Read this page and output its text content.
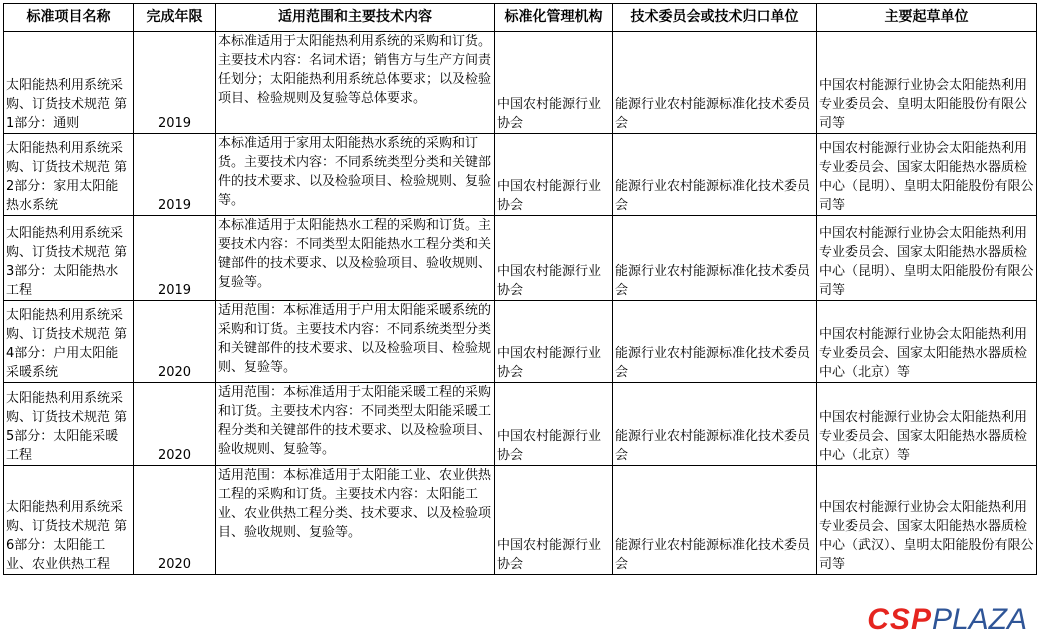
标准项目名称	完成年限	适用范围和主要技术内容	标准化管理机构	技术委员会或技术归口单位	主要起草单位
太阳能热利用系统采购、订货技术规范 第1部分：通则	2019	本标准适用于太阳能热利用系统的采购和订货。主要技术内容：名词术语；销售方与生产方间责任划分；太阳能热利用系统总体要求；以及检验项目、检验规则及复验等总体要求。	中国农村能源行业协会	能源行业农村能源标准化技术委员会	中国农村能源行业协会太阳能热利用专业委员会、皇明太阳能股份有限公司等
太阳能热利用系统采购、订货技术规范 第2部分：家用太阳能热水系统	2019	本标准适用于家用太阳能热水系统的采购和订货。主要技术内容：不同系统类型分类和关键部件的技术要求、以及检验项目、检验规则、复验等。	中国农村能源行业协会	能源行业农村能源标准化技术委员会	中国农村能源行业协会太阳能热利用专业委员会、国家太阳能热水器质检中心（昆明）、皇明太阳能股份有限公司等
太阳能热利用系统采购、订货技术规范 第3部分：太阳能热水工程	2019	本标准适用于太阳能热水工程的采购和订货。主要技术内容：不同类型太阳能热水工程分类和关键部件的技术要求、以及检验项目、验收规则、复验等。	中国农村能源行业协会	能源行业农村能源标准化技术委员会	中国农村能源行业协会太阳能热利用专业委员会、国家太阳能热水器质检中心（昆明）、皇明太阳能股份有限公司等
太阳能热利用系统采购、订货技术规范 第4部分：户用太阳能采暖系统	2020	适用范围：本标准适用于户用太阳能采暖系统的采购和订货。主要技术内容：不同系统类型分类和关键部件的技术要求、以及检验项目、检验规则、复验等。	中国农村能源行业协会	能源行业农村能源标准化技术委员会	中国农村能源行业协会太阳能热利用专业委员会、国家太阳能热水器质检中心（北京）等
太阳能热利用系统采购、订货技术规范 第5部分：太阳能采暖工程	2020	适用范围：本标准适用于太阳能采暖工程的采购和订货。主要技术内容：不同类型太阳能采暖工程分类和关键部件的技术要求、以及检验项目、验收规则、复验等。	中国农村能源行业协会	能源行业农村能源标准化技术委员会	中国农村能源行业协会太阳能热利用专业委员会、国家太阳能热水器质检中心（北京）等
太阳能热利用系统采购、订货技术规范 第6部分：太阳能工业、农业供热工程	2020	适用范围：本标准适用于太阳能工业、农业供热工程的采购和订货。主要技术内容：太阳能工业、农业供热工程分类、技术要求、以及检验项目、验收规则、复验等。	中国农村能源行业协会	能源行业农村能源标准化技术委员会	中国农村能源行业协会太阳能热利用专业委员会、国家太阳能热水器质检中心（武汉）、皇明太阳能股份有限公司等
CSPPLAZA
